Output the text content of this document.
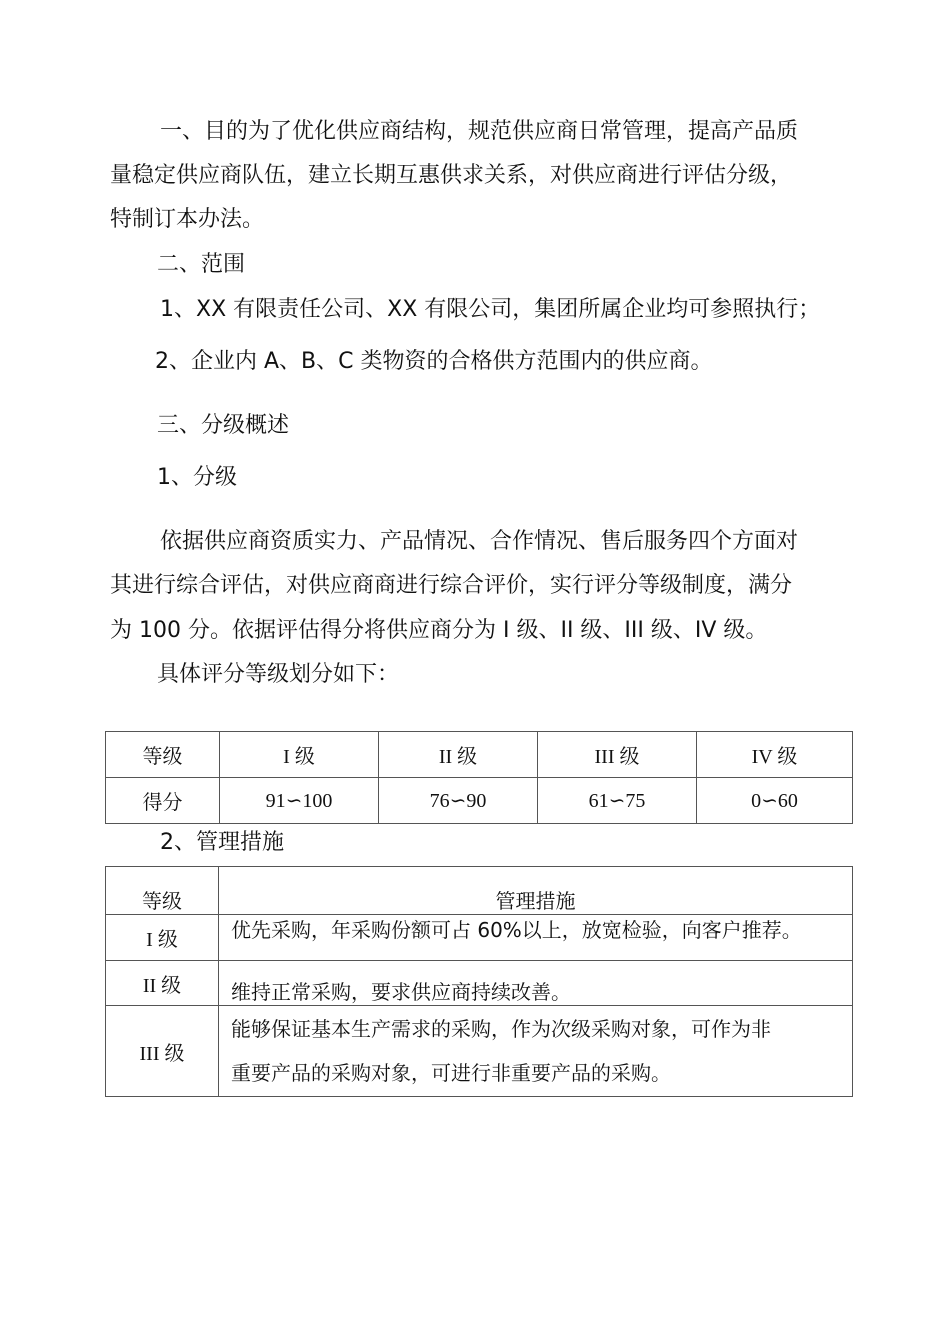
一、目的为了优化供应商结构，规范供应商日常管理，提高产品质
量稳定供应商队伍，建立长期互惠供求关系，对供应商进行评估分级，
特制订本办法。
二、范围
1、XX 有限责任公司、XX 有限公司，集团所属企业均可参照执行；
2、企业内 A、B、C 类物资的合格供方范围内的供应商。
三、分级概述
1、分级
依据供应商资质实力、产品情况、合作情况、售后服务四个方面对
其进行综合评估，对供应商商进行综合评价，实行评分等级制度，满分
为 100 分。依据评估得分将供应商分为 I 级、II 级、III 级、IV 级。
具体评分等级划分如下：
等级	I 级	II 级	III 级	IV 级
得分	91∽100	76∽90	61∽75	0∽60
2、管理措施
等级	管理措施
I 级	优先采购，年采购份额可占 60%以上，放宽检验，向客户推荐。

II 级	维持正常采购，要求供应商持续改善。
III 级	能够保证基本生产需求的采购，作为次级采购对象，可作为非
重要产品的采购对象，可进行非重要产品的采购。
